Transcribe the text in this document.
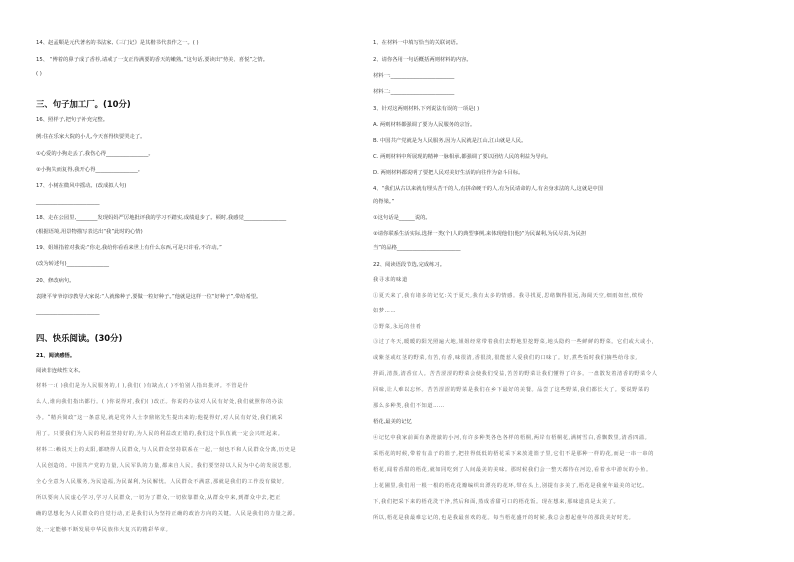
14、赵孟頫是元代著名的书法家,《三门记》是其楷书代表作之一。( )
15、 “傅着的鼻子成了香荐,请戒了一支正待满要的香天的嫩熟。”这句话,要读出“势美、喜悦”之情。
( )
三、句子加工厂。(10分)
16、照样子,把句子补充完整。
例:住在乐家大院的小儿,今天喜得快要哭走了。
①心爱的小狗走丢了,我伤心得________________。
②小狗失而复得,我开心得________________。
17、小树在微风中摇动。(改成拟人句)
________________________
18、走在公园里,________发现妈妈严厉地批评我的学习不踏实,成绩退步了。顿时,我感觉________________
(根据语境,用景物描写表达出“我”此时的心情)
19、姐姐指着对我说:“你走,我给你看看来世上有什么东西,可是只许看,不许动。”
(改为转述句)________________
20、修改病句。
袁隆平爷爷谆谆教导大家说:“人就像种子,要做一粒好种子。”他就是这样一位“好种子”,带给希望。
________________________
四、快乐阅读。(30分)
21、阅读感悟。
阅读非连续性文本。
材料一:( )我们是为人民服务的,( ),我们( )有缺点,( )不怕别人指出批评。不管是什
么人,谁向我们指出都行。( )你说得对,我们( )改正。你说的办法对人民有好处,我们就照你的办法
办。“精兵简政”这一条意见,就是党外人士李鼎铭先生提出来的;他提得好,对人民有好处,我们就采
用了。只要我们为人民的利益坚持好的,为人民的利益改正错的,我们这个队伍就一定会兴旺起来。
材料二:赖说天上的太阳,都晓得人民群众,与人民群众坚持联系在一起,一刻也不和人民群众分离,历史是
人民创造的。中国共产党的力量,人民军队的力量,都来自人民。我们要坚持以人民为中心的发展思想,
全心全意为人民服务,为民造福,为民谋利,为民解忧。人民群众不满意,那就是我们的工作没有做好,
所以要向人民虚心学习,学习人民群众,一切为了群众,一切依靠群众,从群众中来,到群众中去,把正
确的思想化为人民群众的自觉行动,正是我们认为坚持正确的政治方向的关键。人民是我们的力量之源。
处,一定能够不断发展中华民族伟大复兴的精彩华章。
1、在材料一中填写恰当的关联词语。
2、请你各用一句话概括两则材料的内容。
材料一:________________________
材料二:________________________
3、针对这两则材料,下列说法有误的一项是( )
A. 两则材料都强调了要为人民服务的宗旨。
B. 中国共产党就是为人民服务,因为人民就是江山,江山就是人民。
C. 两则材料中所展现的精神一脉相承,都强调了要以团结人民的利益为导向。
D. 两则材料都说明了要把人民对美好生活的向往作为奋斗目标。
4、“我们从古以来就有埋头苦干的人,有拼命硬干的人,有为民请命的人,有舍身求法的人,这就是中国
的脊梁。”
①这句话是______说的。
②请你联系生活实际,选择一类(个)人的典型事例,来体现他们(他)“为民谋利,为民尽责,为民担
当”的品格________________________
22、阅读语段节选,完成练习。
我寻求的味道
①夏天来了,我有诸多的记忆:关于夏天,我有太多的情感。我寻找夏,思绪飘得很远,海阔天空,细雨如丝,缤纷
如梦……
②野菜,永远的佳肴
③过了冬天,暖暖的阳光照遍大地,姐姐经常带着我们去野地里挖野菜,地头隐约一些鲜鲜的野菜。它们或大或小,
或紫茎或红茎的野菜,有苦,有香,味很清,香很淡,很能惹人爱我们的口味了。好,煮些饭时我们摘些给母亲,
拌面,清蒸,清香宜人。苦苦涩涩的野菜会使我们受益,苦苦的野菜让我们懂得了许多。一盘散发着清香的野菜令人
回味,让人难以忘怀。苦苦涩涩的野菜是我们在乡下最好的美餐。品尝了这些野菜,我们都长大了。要说野菜的
那么多种类,我们不知道……
梧花,最美的记忆
④记忆中我家前面有条澄澈的小河,有许多种类各色各样的梧桐,两岸有梧桐花,满树雪白,香飘数里,清香四溢。
采梧花的时候,带着有盖子的篮子,把挂得低低的梧花采下来放进篮子里,它们不是那种一样的花,而是一串一串的
梧花,闻着香甜的梧花,就如同吃到了人间最美的美味。那时候我们会一整天都待在河边,看着水中游玩的小鱼。
上花圃里,我们用一根一根的梧花花瓣编织出漂亮的花环,带在头上,别提有多美了,梧花是我童年最美的记忆。
下,我们把采下来的梧花洗干净,然后和面,蒸成香甜可口的梧花饭。现在想来,那味道真是太美了。
所以,梧花是我最难忘记的,也是我最喜欢的花。每当梧花盛开的时候,我总会想起童年的那段美好时光。
